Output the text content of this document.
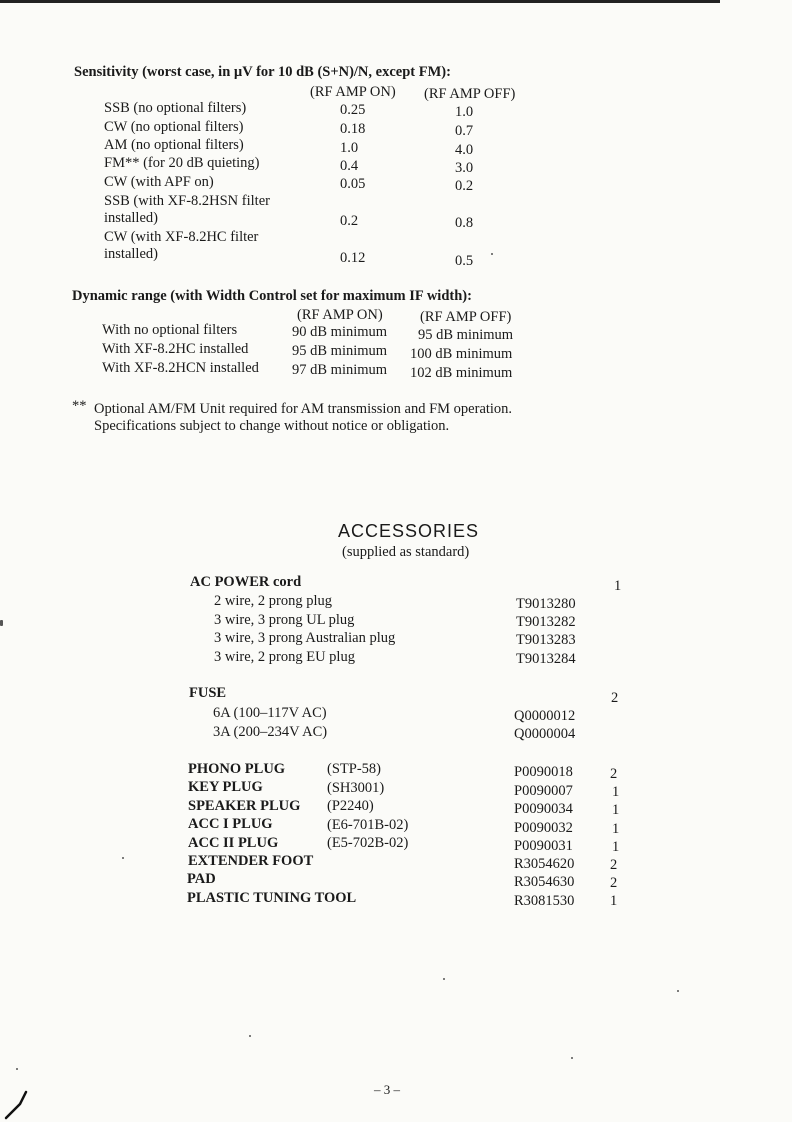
Sensitivity (worst case, in µV for 10 dB (S+N)/N, except FM):
(RF AMP ON) (RF AMP OFF)
SSB (no optional filters)	0.25	1.0
CW (no optional filters)	0.18	0.7
AM (no optional filters)	1.0	4.0
FM** (for 20 dB quieting)	0.4	3.0
CW (with APF on)	0.05	0.2
SSB (with XF-8.2HSN filter
installed)	0.2	0.8
CW (with XF-8.2HC filter
installed)	0.12	0.5
Dynamic range (with Width Control set for maximum IF width):
(RF AMP ON)	(RF AMP OFF)
With no optional filters	90 dB minimum 95 dB minimum
With XF-8.2HC installed	95 dB minimum 100 dB minimum
With XF-8.2HCN installed 97 dB minimum 102 dB minimum
** Optional AM/FM Unit required for AM transmission and FM operation.
Specifications subject to change without notice or obligation.
ACCESSORIES
(supplied as standard)
AC POWER cord	1
2 wire, 2 prong plug	T9013280
3 wire, 3 prong UL plug	T9013282
3 wire, 3 prong Australian plug	T9013283
3 wire, 2 prong EU plug	T9013284
FUSE	2
6A (100–117V AC)	Q0000012
3A (200–234V AC)	Q0000004
PHONO PLUG	(STP-58)	P0090018	2
KEY PLUG	(SH3001)	P0090007	1
SPEAKER PLUG (P2240)	P0090034	1
ACC I PLUG	(E6-701B-02)	P0090032	1
ACC II PLUG	(E5-702B-02)	P0090031	1
EXTENDER FOOT	R3054620 2
PAD	R3054630 2
PLASTIC TUNING TOOL	R3081530 1
– 3 –
